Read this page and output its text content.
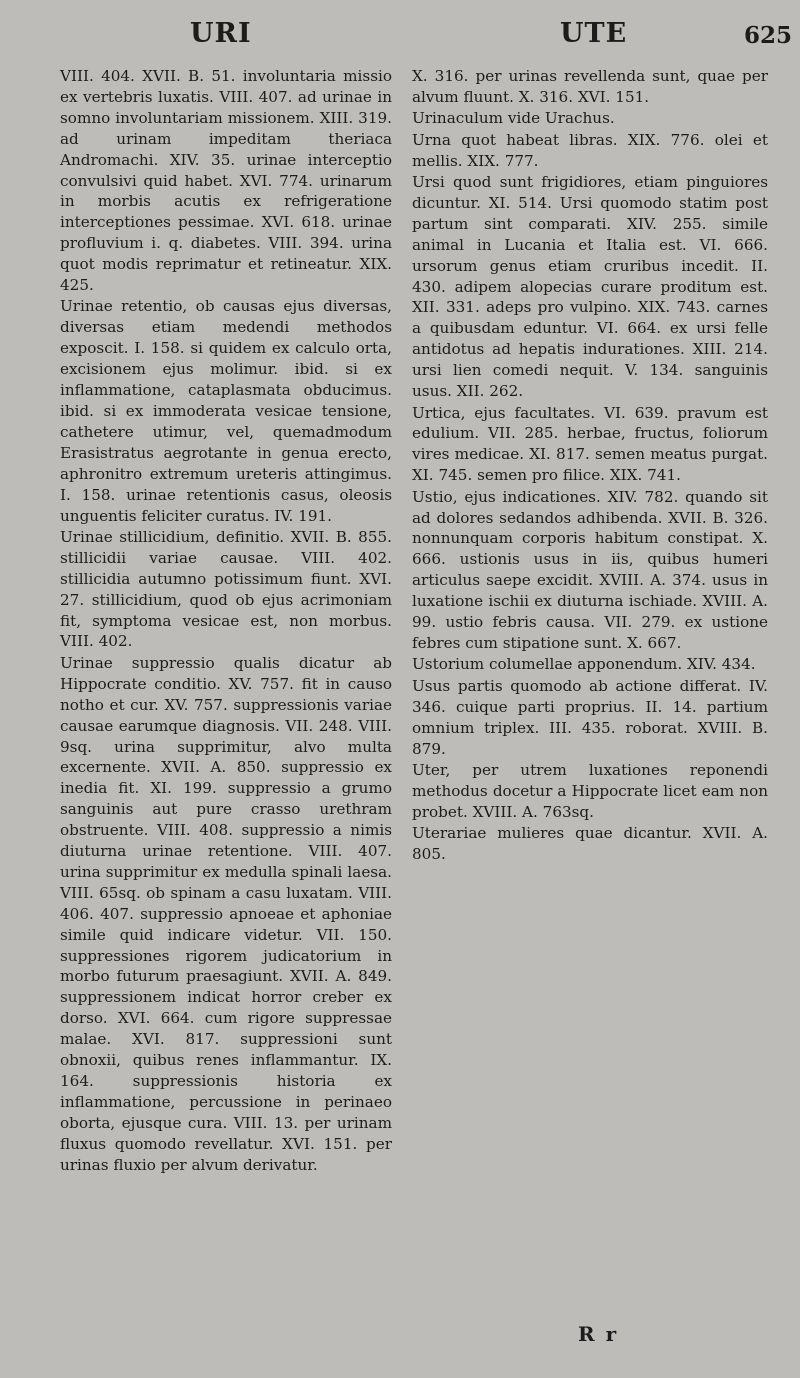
URI	UTE	625

VIII. 404. XVII. B. 51. involuntaria missio ex vertebris luxatis. VIII. 407. ad urinae in somno involuntariam missionem. XIII. 319. ad urinam impeditam theriaca Andromachi. XIV. 35. urinae interceptio convulsivi quid habet. XVI. 774. urinarum in morbis acutis ex refrigeratione interceptiones pessimae. XVI. 618. urinae profluvium i. q. diabetes. VIII. 394. urina quot modis reprimatur et retineatur. XIX. 425.

Urinae retentio, ob causas ejus diversas, diversas etiam medendi methodos exposcit. I. 158. si quidem ex calculo orta, excisionem ejus molimur. ibid. si ex inflammatione, cataplasmata obducimus. ibid. si ex immoderata vesicae tensione, cathetere utimur, vel, quemadmodum Erasistratus aegrotante in genua erecto, aphronitro extremum ureteris attingimus. I. 158. urinae retentionis casus, oleosis unguentis feliciter curatus. IV. 191.

Urinae stillicidium, definitio. XVII. B. 855. stillicidii variae causae. VIII. 402. stillicidia autumno potissimum fiunt. XVI. 27. stillicidium, quod ob ejus acrimoniam fit, symptoma vesicae est, non morbus. VIII. 402.

Urinae suppressio qualis dicatur ab Hippocrate conditio. XV. 757. fit in causo notho et cur. XV. 757. suppressionis variae causae earumque diagnosis. VII. 248. VIII. 9sq. urina supprimitur, alvo multa excernente. XVII. A. 850. suppressio ex inedia fit. XI. 199. suppressio a grumo sanguinis aut pure crasso urethram obstruente. VIII. 408. suppressio a nimis diuturna urinae retentione. VIII. 407. urina supprimitur ex medulla spinali laesa. VIII. 65sq. ob spinam a casu luxatam. VIII. 406. 407. suppressio apnoeae et aphoniae simile quid indicare videtur. VII. 150. suppressiones rigorem judicatorium in morbo futurum praesagiunt. XVII. A. 849. suppressionem indicat horror creber ex dorso. XVI. 664. cum rigore suppressae malae. XVI. 817. suppressioni sunt obnoxii, quibus renes inflammantur. IX. 164. suppressionis historia ex inflammatione, percussione in perinaeo oborta, ejusque cura. VIII. 13. per urinam fluxus quomodo revellatur. XVI. 151. per urinas fluxio per alvum derivatur.

X. 316. per urinas revellenda sunt, quae per alvum fluunt. X. 316. XVI. 151.

Urinaculum vide Urachus.

Urna quot habeat libras. XIX. 776. olei et mellis. XIX. 777.

Ursi quod sunt frigidiores, etiam pinguiores dicuntur. XI. 514. Ursi quomodo statim post partum sint comparati. XIV. 255. simile animal in Lucania et Italia est. VI. 666. ursorum genus etiam cruribus incedit. II. 430. adipem alopecias curare proditum est. XII. 331. adeps pro vulpino. XIX. 743. carnes a quibusdam eduntur. VI. 664. ex ursi felle antidotus ad hepatis indurationes. XIII. 214. ursi lien comedi nequit. V. 134. sanguinis usus. XII. 262.

Urtica, ejus facultates. VI. 639. pravum est edulium. VII. 285. herbae, fructus, foliorum vires medicae. XI. 817. semen meatus purgat. XI. 745. semen pro filice. XIX. 741.

Ustio, ejus indicationes. XIV. 782. quando sit ad dolores sedandos adhibenda. XVII. B. 326. nonnunquam corporis habitum constipat. X. 666. ustionis usus in iis, quibus humeri articulus saepe excidit. XVIII. A. 374. usus in luxatione ischii ex diuturna ischiade. XVIII. A. 99. ustio febris causa. VII. 279. ex ustione febres cum stipatione sunt. X. 667.

Ustorium columellae apponendum. XIV. 434.

Usus partis quomodo ab actione differat. IV. 346. cuique parti proprius. II. 14. partium omnium triplex. III. 435. roborat. XVIII. B. 879.

Uter, per utrem luxationes reponendi methodus docetur a Hippocrate licet eam non probet. XVIII. A. 763sq.

Uterariae mulieres quae dicantur. XVII. A. 805.

R r
